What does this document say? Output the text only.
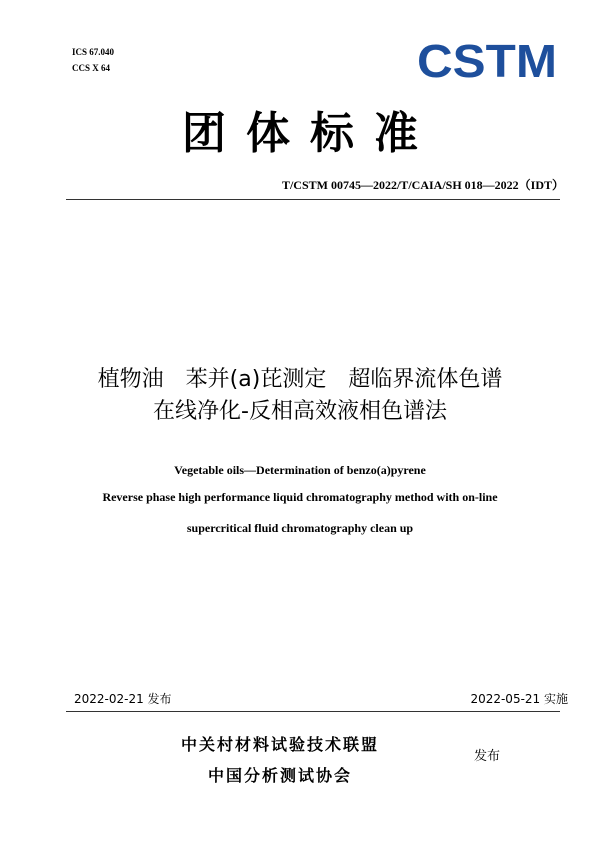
ICS 67.040
CCS X 64	CSTM
团体标准
T/CSTM 00745—2022/T/CAIA/SH 018—2022（IDT）
植物油　苯并(a)芘测定　超临界流体色谱
在线净化-反相高效液相色谱法
Vegetable oils—Determination of benzo(a)pyrene
Reverse phase high performance liquid chromatography method with on-line
supercritical fluid chromatography clean up
2022-02-21 发布	2022-05-21 实施
中关村材料试验技术联盟
中国分析测试协会
发布
